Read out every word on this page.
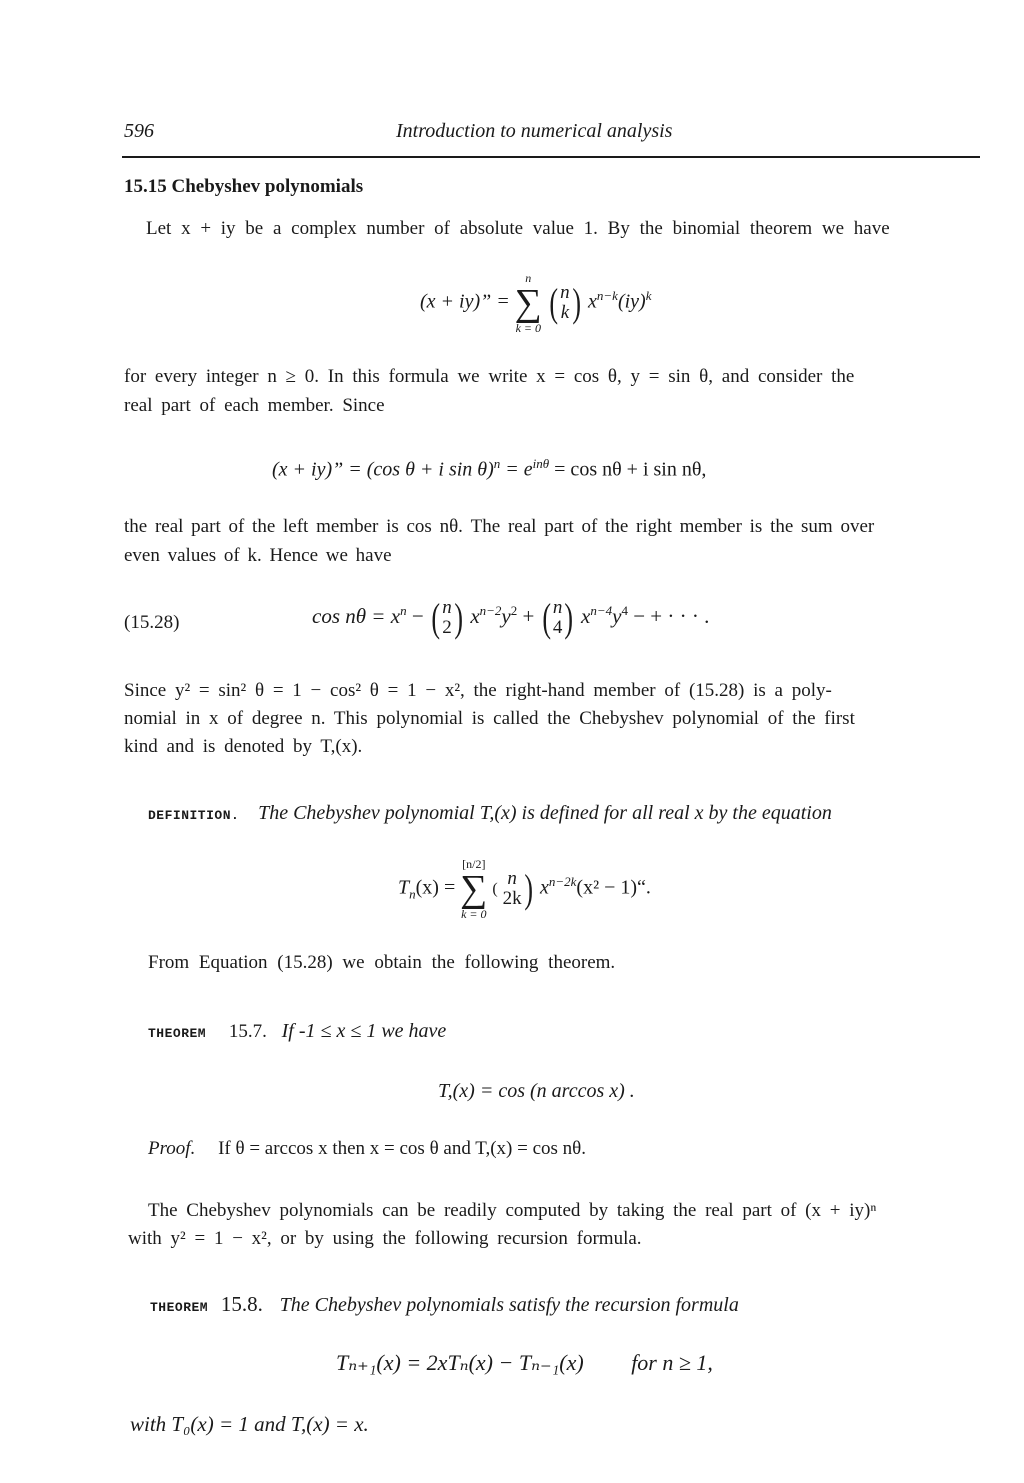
596	Introduction to numerical analysis
15.15 Chebyshev polynomials
Let x + iy be a complex number of absolute value 1. By the binomial theorem we have
(x + iy)” =
n
∑
k = 0

( n
k ) $x^{n-k}(iy)^k$
for every integer n ≥ 0. In this formula we write x = cos θ, y = sin θ, and consider the
real part of each member. Since
(x + iy)” = (cos θ + i $\sin \theta)^n = e^{in\theta} = \cos n\theta + i$ sin nθ,
the real part of the left member is cos nθ. The real part of the right member is the sum over
even values of k. Hence we have
(15.28)	$\cos n\theta = x^n$ − ( n
2 ) $x^{n-2}y^2$ + ( n
4 ) $x^{n-4}y^4$ − + · · · .
Since y² = sin² θ = 1 − cos² θ = 1 − x², the right-hand member of (15.28) is a poly-
nomial in x of degree n. This polynomial is called the Chebyshev polynomial of the first
kind and is denoted by T,(x).
DEFINITION. The Chebyshev polynomial T,(x) is defined for all real x by the equation
$T_n(x)$ =
[n/2]
∑
k = 0
(
n
2k ) $x^{n-2k}(x^2$ − 1)“.
From Equation (15.28) we obtain the following theorem.
THEOREM 15.7. If -1 ≤ x ≤ 1 we have
T,(x) = cos (n arccos x) .
Proof. If θ = arccos x then x = cos θ and T,(x) = cos nθ.
The Chebyshev polynomials can be readily computed by taking the real part of (x + iy)ⁿ
with y² = 1 − x², or by using the following recursion formula.
THEOREM 15.8. The Chebyshev polynomials satisfy the recursion formula
Tₙ₊₁(x) = 2xTₙ(x) − Tₙ₋₁(x) for n ≥ 1,
with T₀(x) = 1 and T,(x) = x.
